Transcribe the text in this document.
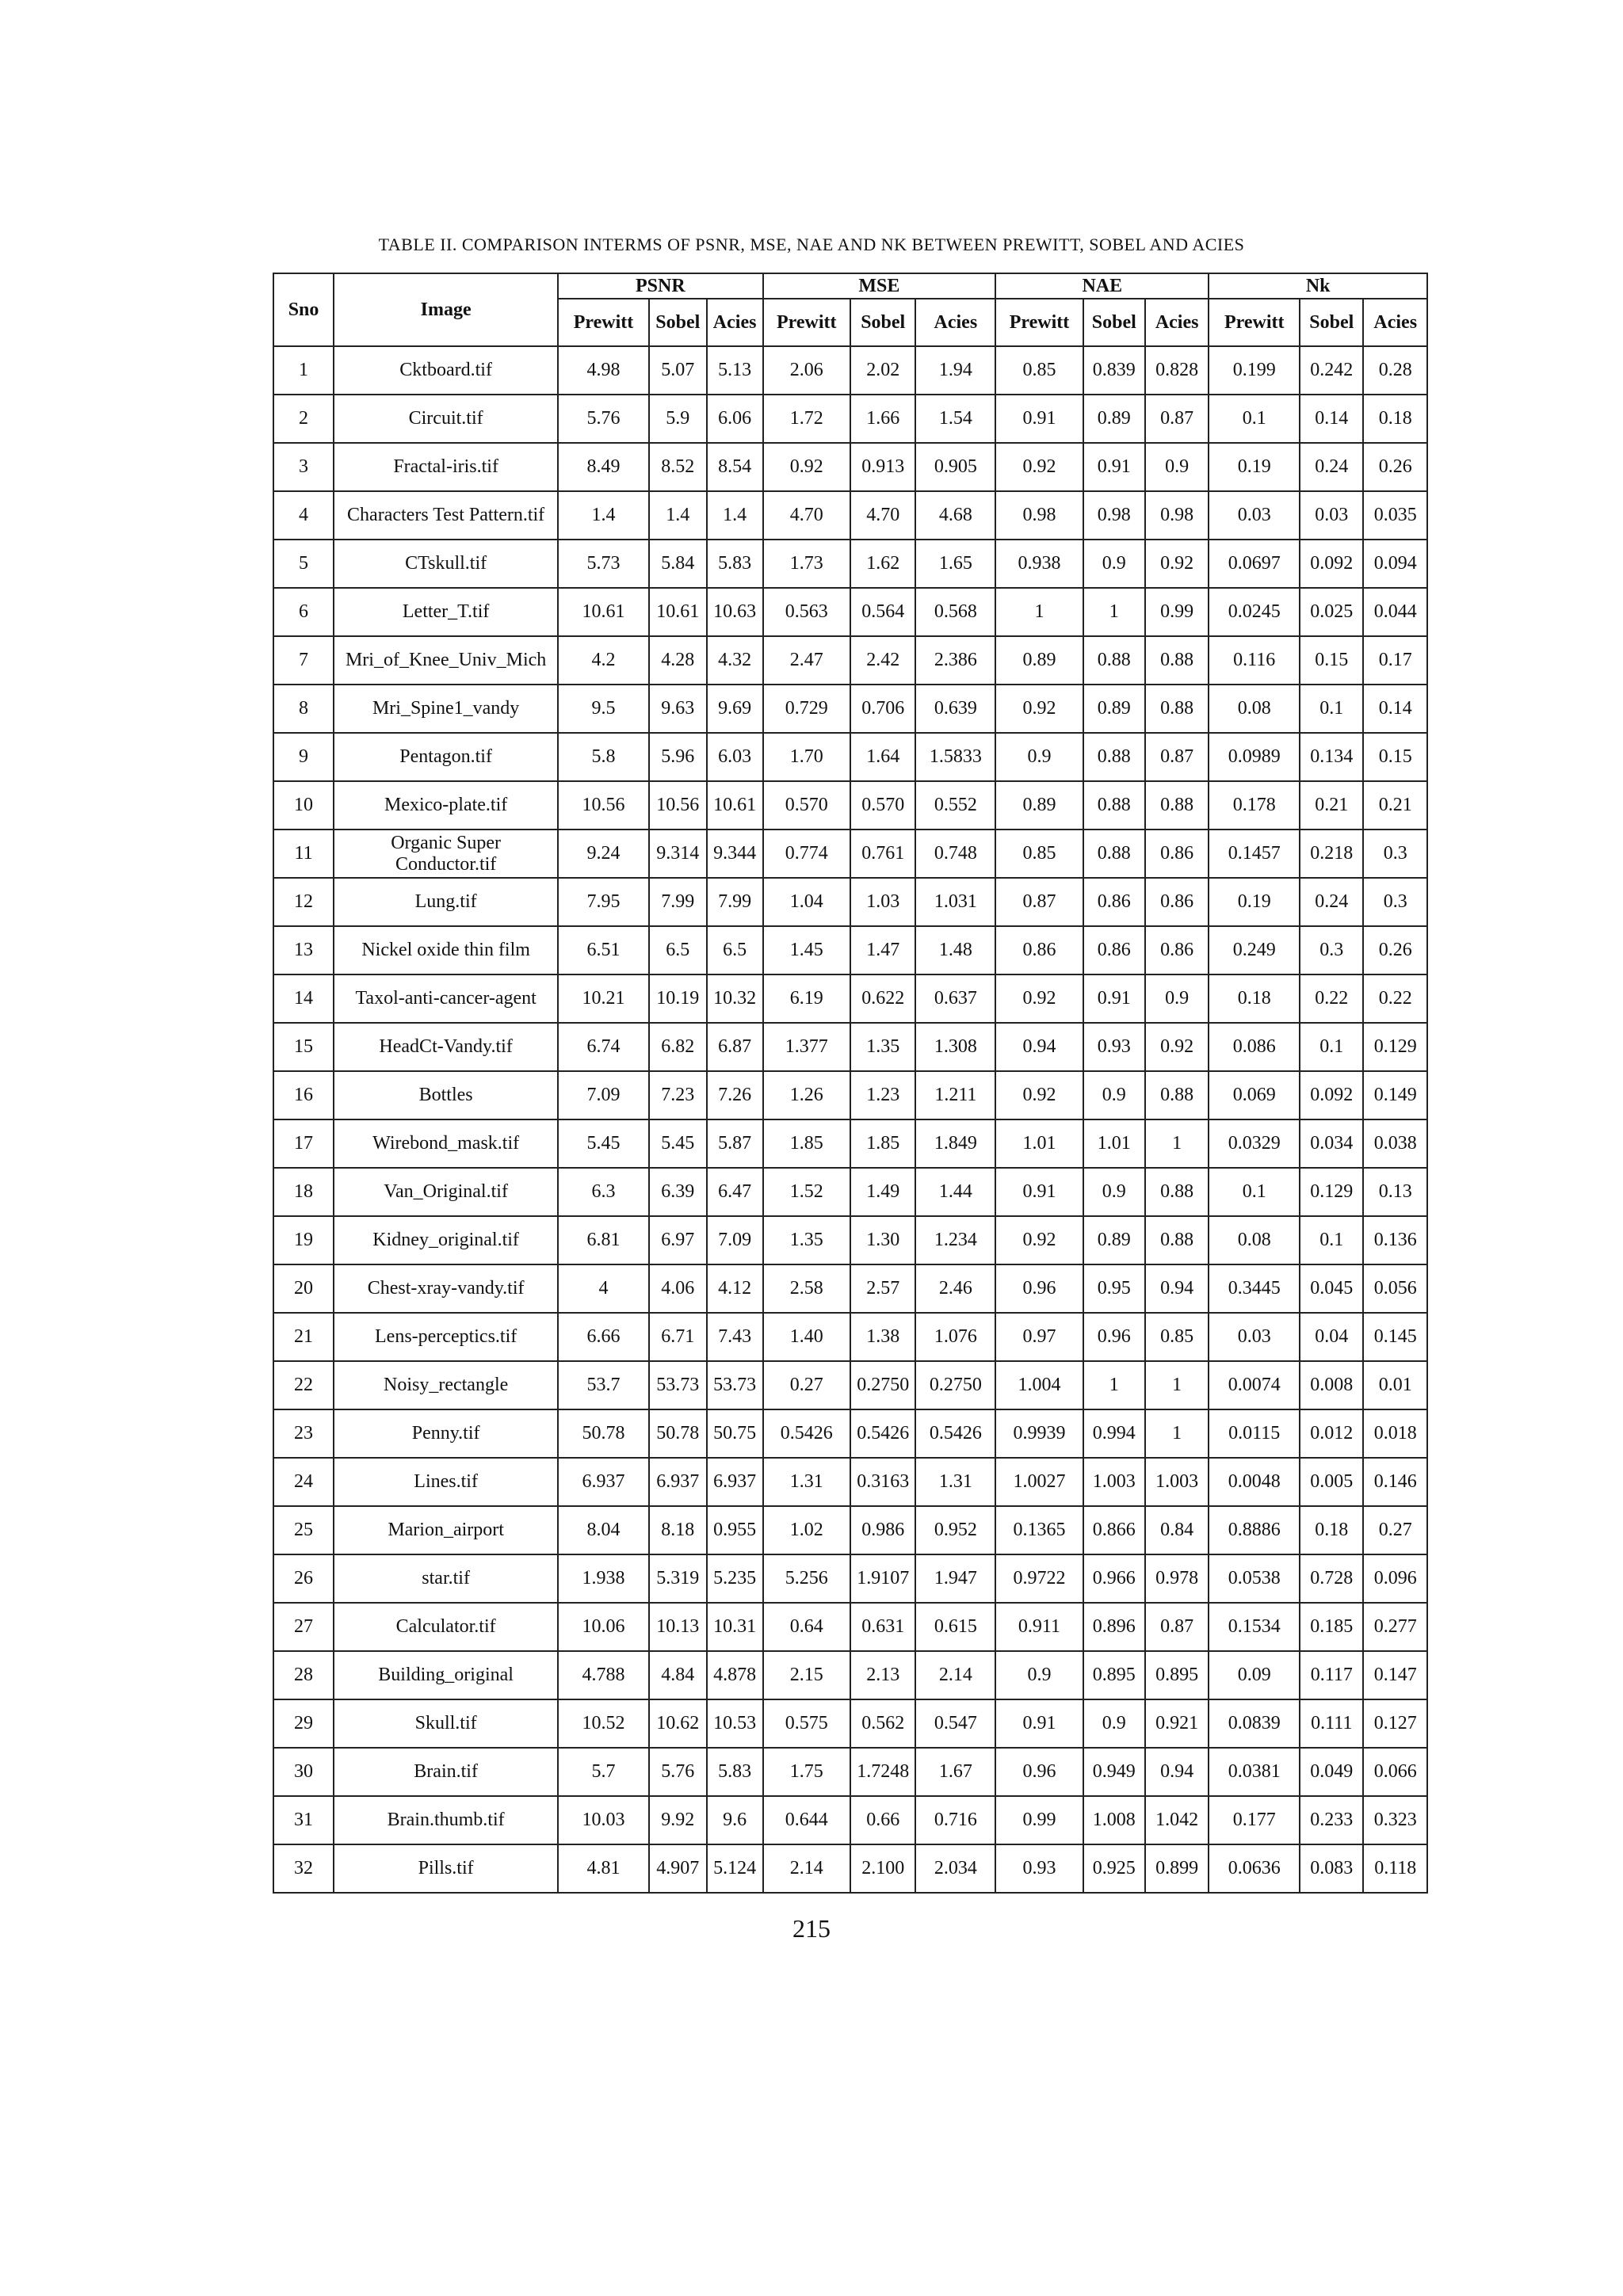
TABLE II. COMPARISON INTERMS OF PSNR, MSE, NAE AND NK BETWEEN PREWITT, SOBEL AND ACIES
Sno	Image	PSNR			MSE			NAE			Nk		
		Prewitt	Sobel	Acies	Prewitt	Sobel	Acies	Prewitt	Sobel	Acies	Prewitt	Sobel	Acies
1	Cktboard.tif	4.98	5.07	5.13	2.06	2.02	1.94	0.85	0.839	0.828	0.199	0.242	0.28
2	Circuit.tif	5.76	5.9	6.06	1.72	1.66	1.54	0.91	0.89	0.87	0.1	0.14	0.18
3	Fractal-iris.tif	8.49	8.52	8.54	0.92	0.913	0.905	0.92	0.91	0.9	0.19	0.24	0.26
4	Characters Test Pattern.tif	1.4	1.4	1.4	4.70	4.70	4.68	0.98	0.98	0.98	0.03	0.03	0.035
5	CTskull.tif	5.73	5.84	5.83	1.73	1.62	1.65	0.938	0.9	0.92	0.0697	0.092	0.094
6	Letter_T.tif	10.61	10.61	10.63	0.563	0.564	0.568	1	1	0.99	0.0245	0.025	0.044
7	Mri_of_Knee_Univ_Mich	4.2	4.28	4.32	2.47	2.42	2.386	0.89	0.88	0.88	0.116	0.15	0.17
8	Mri_Spine1_vandy	9.5	9.63	9.69	0.729	0.706	0.639	0.92	0.89	0.88	0.08	0.1	0.14
9	Pentagon.tif	5.8	5.96	6.03	1.70	1.64	1.5833	0.9	0.88	0.87	0.0989	0.134	0.15
10	Mexico-plate.tif	10.56	10.56	10.61	0.570	0.570	0.552	0.89	0.88	0.88	0.178	0.21	0.21
11	Organic Super Conductor.tif	9.24	9.314	9.344	0.774	0.761	0.748	0.85	0.88	0.86	0.1457	0.218	0.3
12	Lung.tif	7.95	7.99	7.99	1.04	1.03	1.031	0.87	0.86	0.86	0.19	0.24	0.3
13	Nickel oxide thin film	6.51	6.5	6.5	1.45	1.47	1.48	0.86	0.86	0.86	0.249	0.3	0.26
14	Taxol-anti-cancer-agent	10.21	10.19	10.32	6.19	0.622	0.637	0.92	0.91	0.9	0.18	0.22	0.22
15	HeadCt-Vandy.tif	6.74	6.82	6.87	1.377	1.35	1.308	0.94	0.93	0.92	0.086	0.1	0.129
16	Bottles	7.09	7.23	7.26	1.26	1.23	1.211	0.92	0.9	0.88	0.069	0.092	0.149
17	Wirebond_mask.tif	5.45	5.45	5.87	1.85	1.85	1.849	1.01	1.01	1	0.0329	0.034	0.038
18	Van_Original.tif	6.3	6.39	6.47	1.52	1.49	1.44	0.91	0.9	0.88	0.1	0.129	0.13
19	Kidney_original.tif	6.81	6.97	7.09	1.35	1.30	1.234	0.92	0.89	0.88	0.08	0.1	0.136
20	Chest-xray-vandy.tif	4	4.06	4.12	2.58	2.57	2.46	0.96	0.95	0.94	0.3445	0.045	0.056
21	Lens-perceptics.tif	6.66	6.71	7.43	1.40	1.38	1.076	0.97	0.96	0.85	0.03	0.04	0.145
22	Noisy_rectangle	53.7	53.73	53.73	0.27	0.2750	0.2750	1.004	1	1	0.0074	0.008	0.01
23	Penny.tif	50.78	50.78	50.75	0.5426	0.5426	0.5426	0.9939	0.994	1	0.0115	0.012	0.018
24	Lines.tif	6.937	6.937	6.937	1.31	0.3163	1.31	1.0027	1.003	1.003	0.0048	0.005	0.146
25	Marion_airport	8.04	8.18	0.955	1.02	0.986	0.952	0.1365	0.866	0.84	0.8886	0.18	0.27
26	star.tif	1.938	5.319	5.235	5.256	1.9107	1.947	0.9722	0.966	0.978	0.0538	0.728	0.096
27	Calculator.tif	10.06	10.13	10.31	0.64	0.631	0.615	0.911	0.896	0.87	0.1534	0.185	0.277
28	Building_original	4.788	4.84	4.878	2.15	2.13	2.14	0.9	0.895	0.895	0.09	0.117	0.147
29	Skull.tif	10.52	10.62	10.53	0.575	0.562	0.547	0.91	0.9	0.921	0.0839	0.111	0.127
30	Brain.tif	5.7	5.76	5.83	1.75	1.7248	1.67	0.96	0.949	0.94	0.0381	0.049	0.066
31	Brain.thumb.tif	10.03	9.92	9.6	0.644	0.66	0.716	0.99	1.008	1.042	0.177	0.233	0.323
32	Pills.tif	4.81	4.907	5.124	2.14	2.100	2.034	0.93	0.925	0.899	0.0636	0.083	0.118
215
